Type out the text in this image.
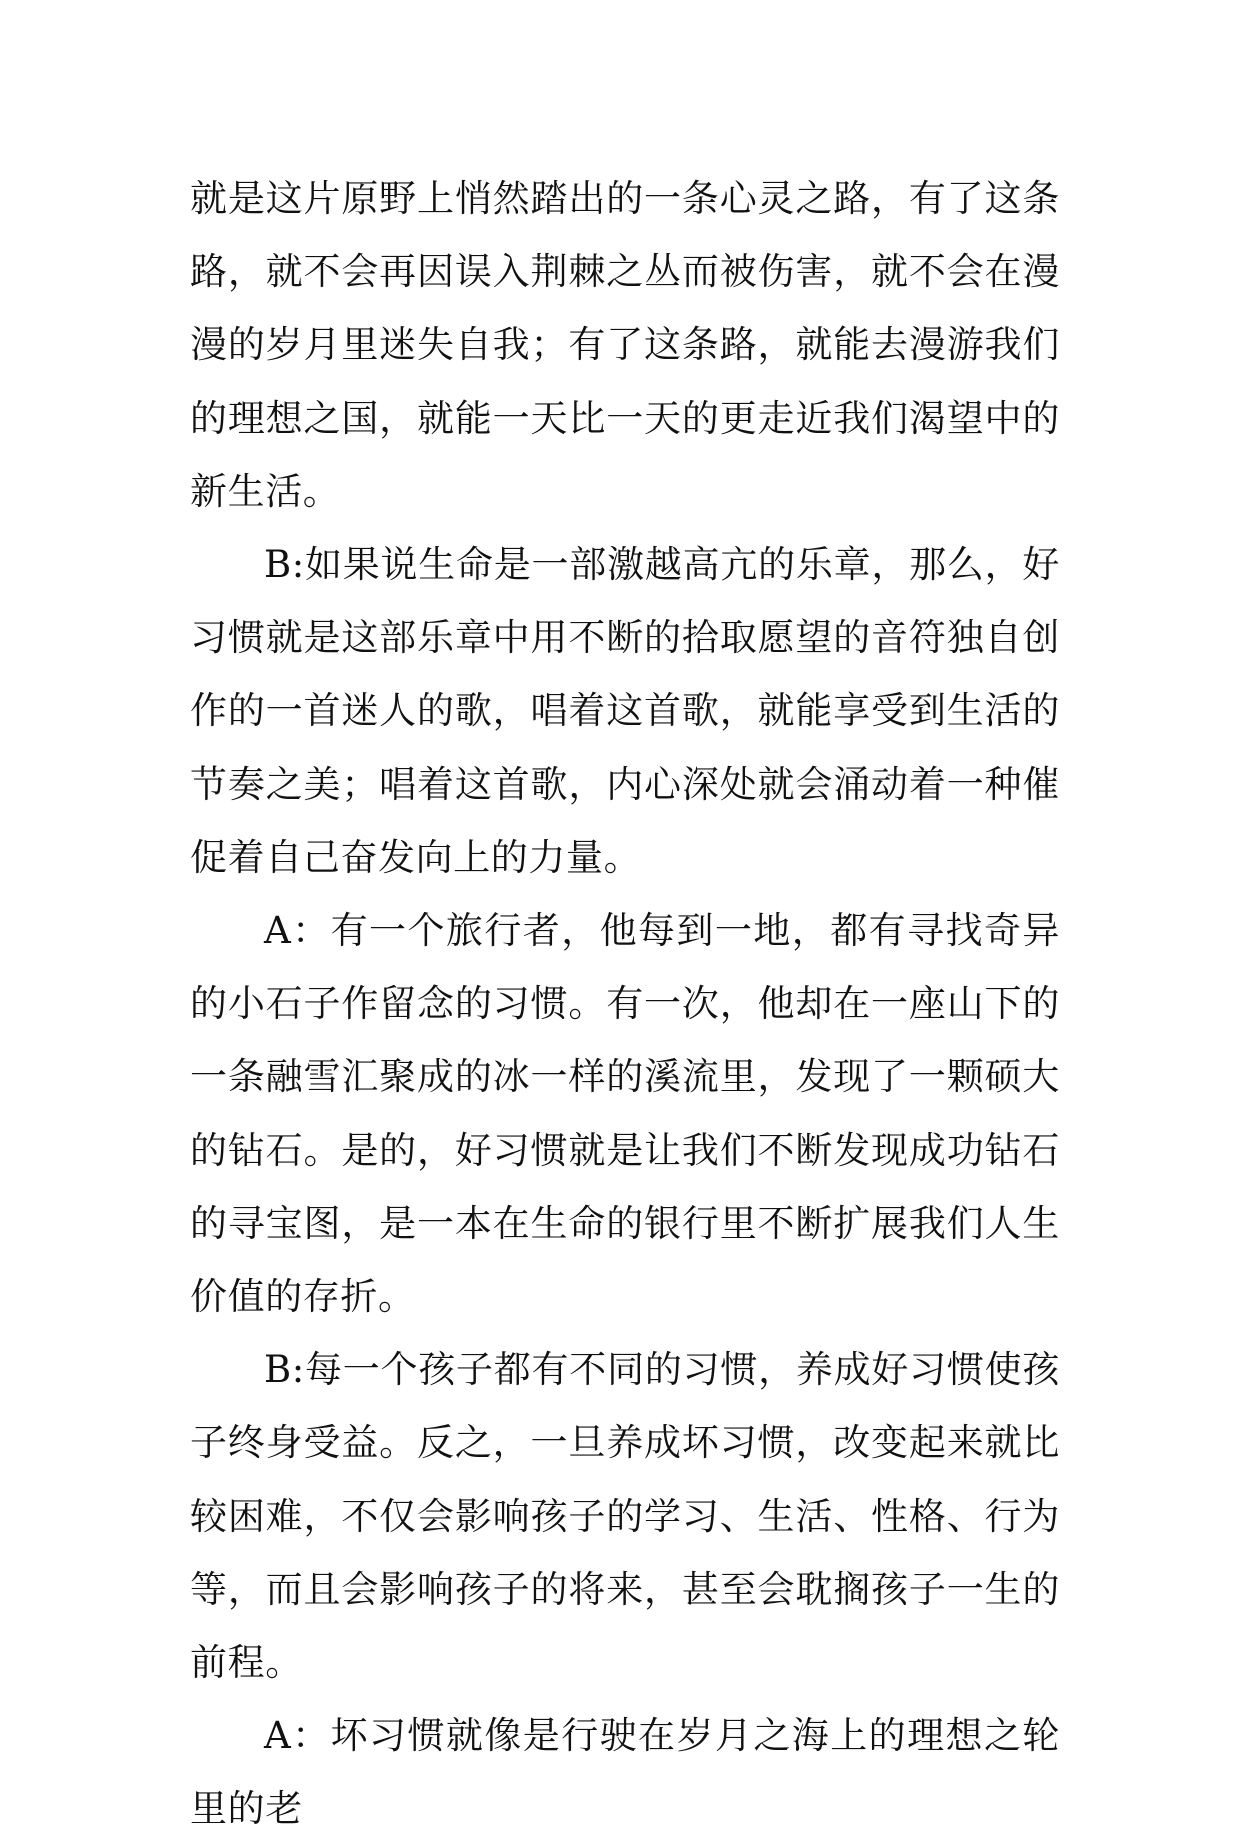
就是这片原野上悄然踏出的一条心灵之路，有了这条路，就不会再因误入荆棘之丛而被伤害，就不会在漫漫的岁月里迷失自我；有了这条路，就能去漫游我们的理想之国，就能一天比一天的更走近我们渴望中的新生活。

B:如果说生命是一部激越高亢的乐章，那么，好习惯就是这部乐章中用不断的拾取愿望的音符独自创作的一首迷人的歌，唱着这首歌，就能享受到生活的节奏之美；唱着这首歌，内心深处就会涌动着一种催促着自己奋发向上的力量。

A：有一个旅行者，他每到一地，都有寻找奇异的小石子作留念的习惯。有一次，他却在一座山下的一条融雪汇聚成的冰一样的溪流里，发现了一颗硕大的钻石。是的，好习惯就是让我们不断发现成功钻石的寻宝图，是一本在生命的银行里不断扩展我们人生价值的存折。

B:每一个孩子都有不同的习惯，养成好习惯使孩子终身受益。反之，一旦养成坏习惯，改变起来就比较困难，不仅会影响孩子的学习、生活、性格、行为等，而且会影响孩子的将来，甚至会耽搁孩子一生的前程。

A：坏习惯就像是行驶在岁月之海上的理想之轮里的老
